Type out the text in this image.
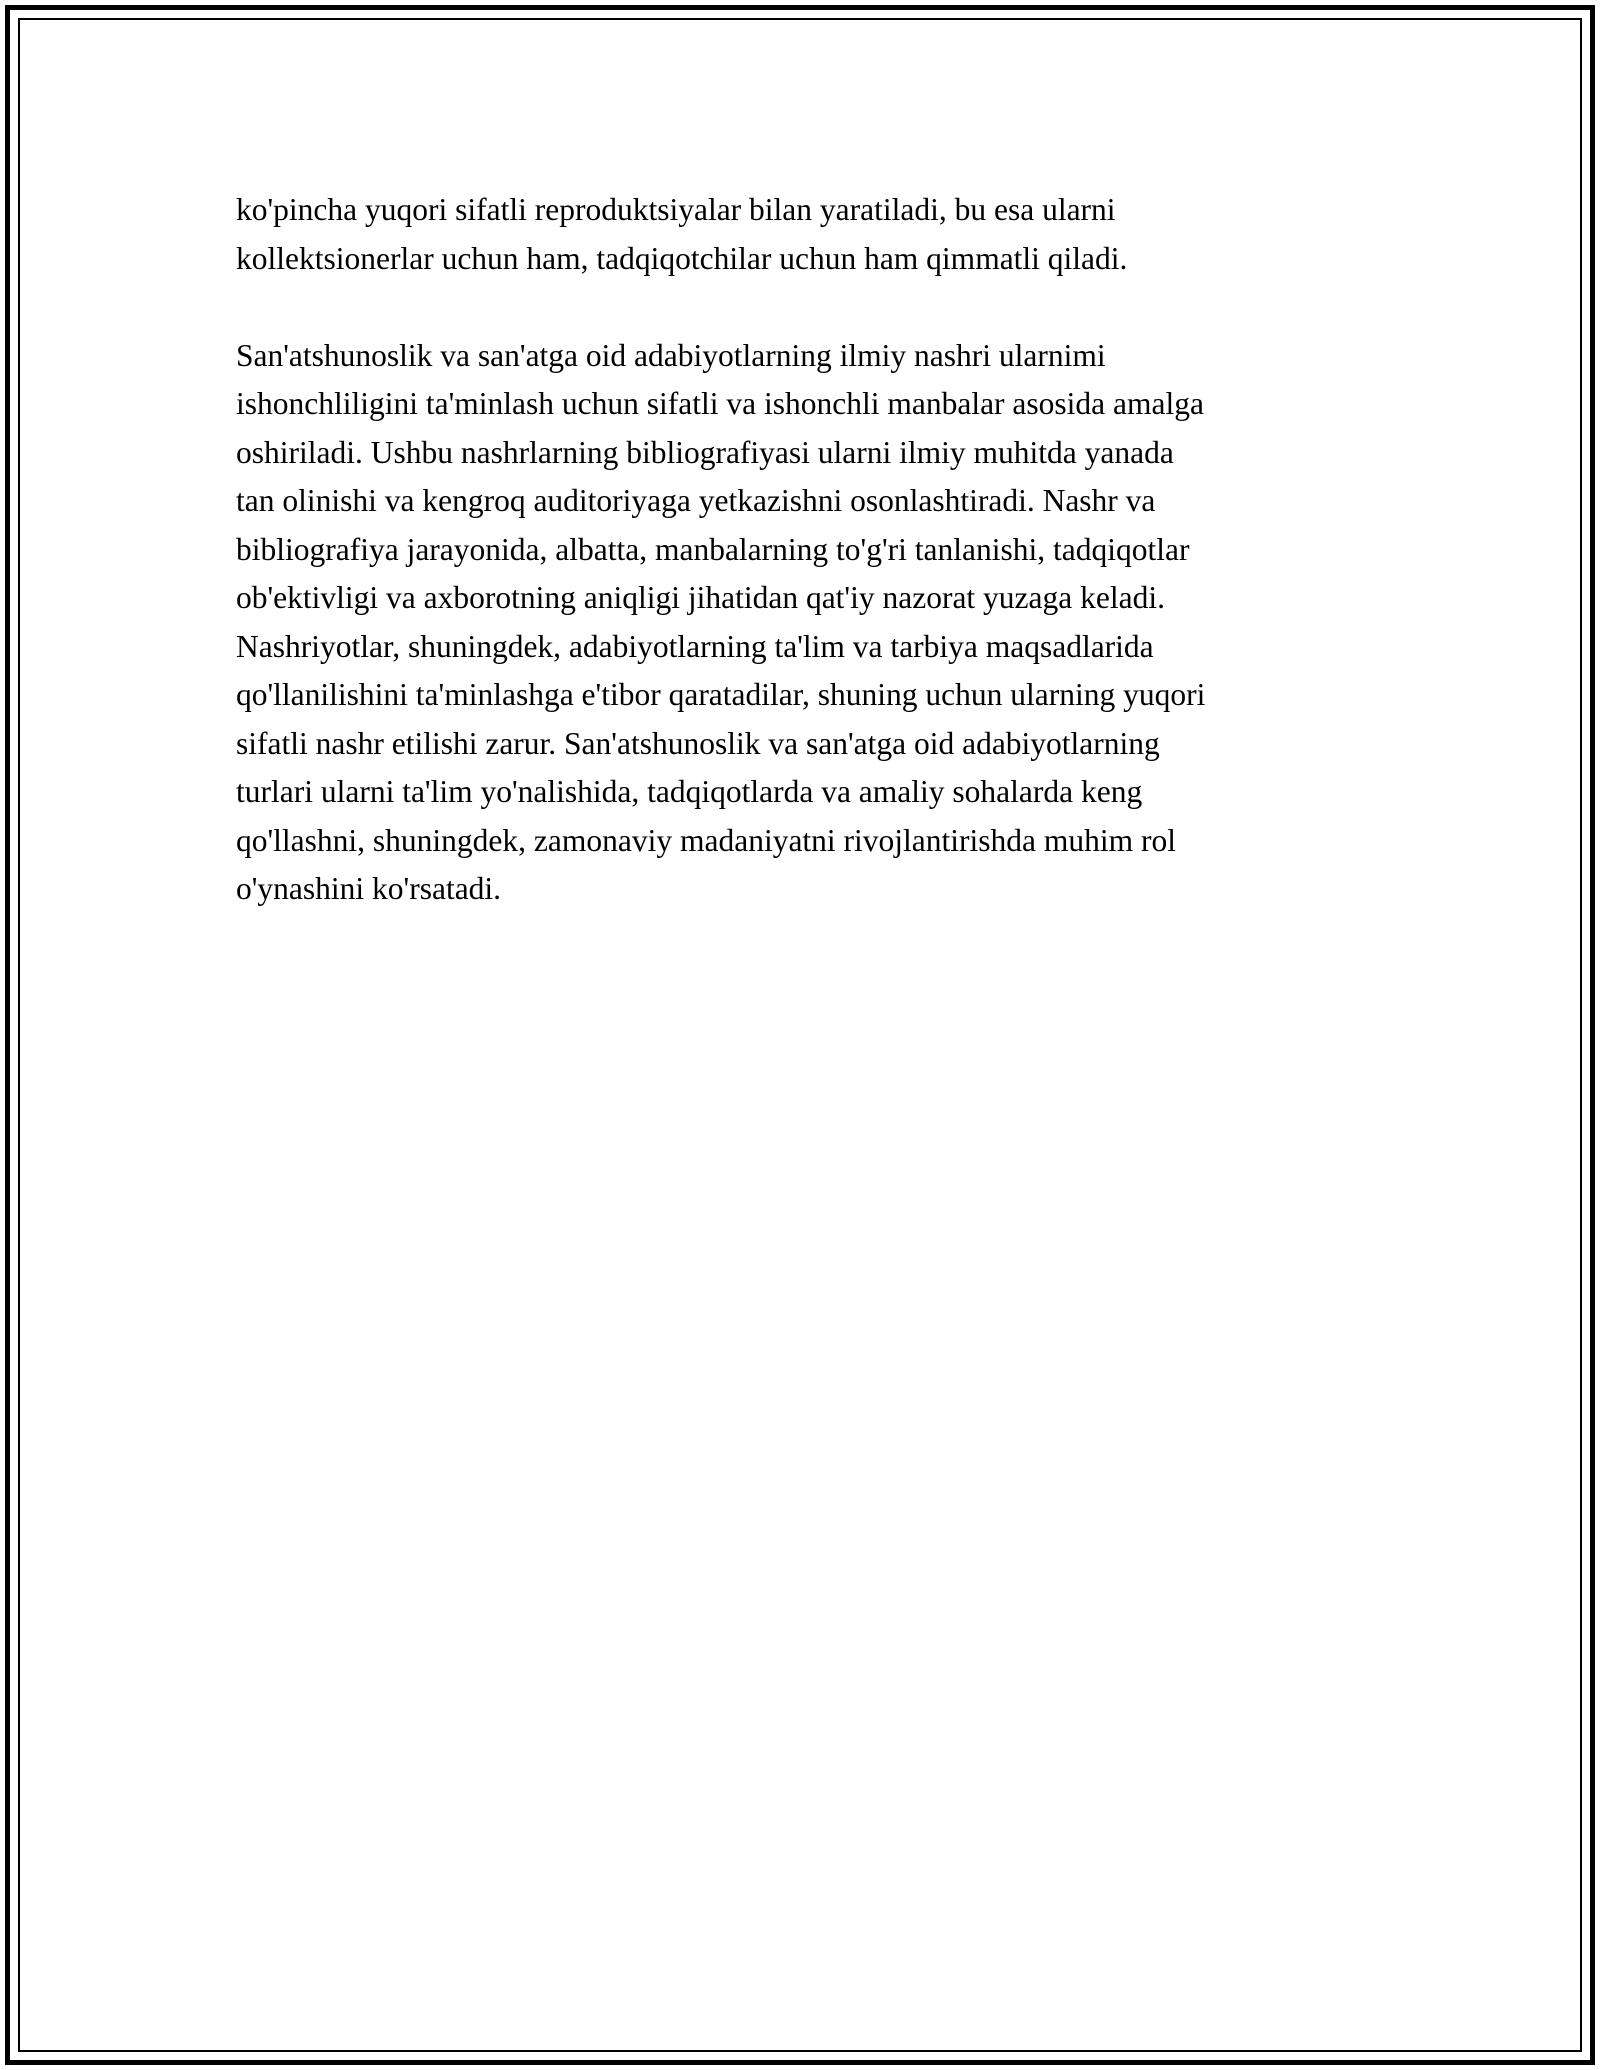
ko'pincha yuqori sifatli reproduktsiyalar bilan yaratiladi, bu esa ularni
kollektsionerlar uchun ham, tadqiqotchilar uchun ham qimmatli qiladi.

San'atshunoslik va san'atga oid adabiyotlarning ilmiy nashri ularnimi
ishonchliligini ta'minlash uchun sifatli va ishonchli manbalar asosida amalga
oshiriladi. Ushbu nashrlarning bibliografiyasi ularni ilmiy muhitda yanada
tan olinishi va kengroq auditoriyaga yetkazishni osonlashtiradi. Nashr va
bibliografiya jarayonida, albatta, manbalarning to'g'ri tanlanishi, tadqiqotlar
ob'ektivligi va axborotning aniqligi jihatidan qat'iy nazorat yuzaga keladi.
Nashriyotlar, shuningdek, adabiyotlarning ta'lim va tarbiya maqsadlarida
qo'llanilishini ta'minlashga e'tibor qaratadilar, shuning uchun ularning yuqori
sifatli nashr etilishi zarur. San'atshunoslik va san'atga oid adabiyotlarning
turlari ularni ta'lim yo'nalishida, tadqiqotlarda va amaliy sohalarda keng
qo'llashni, shuningdek, zamonaviy madaniyatni rivojlantirishda muhim rol
o'ynashini ko'rsatadi.
